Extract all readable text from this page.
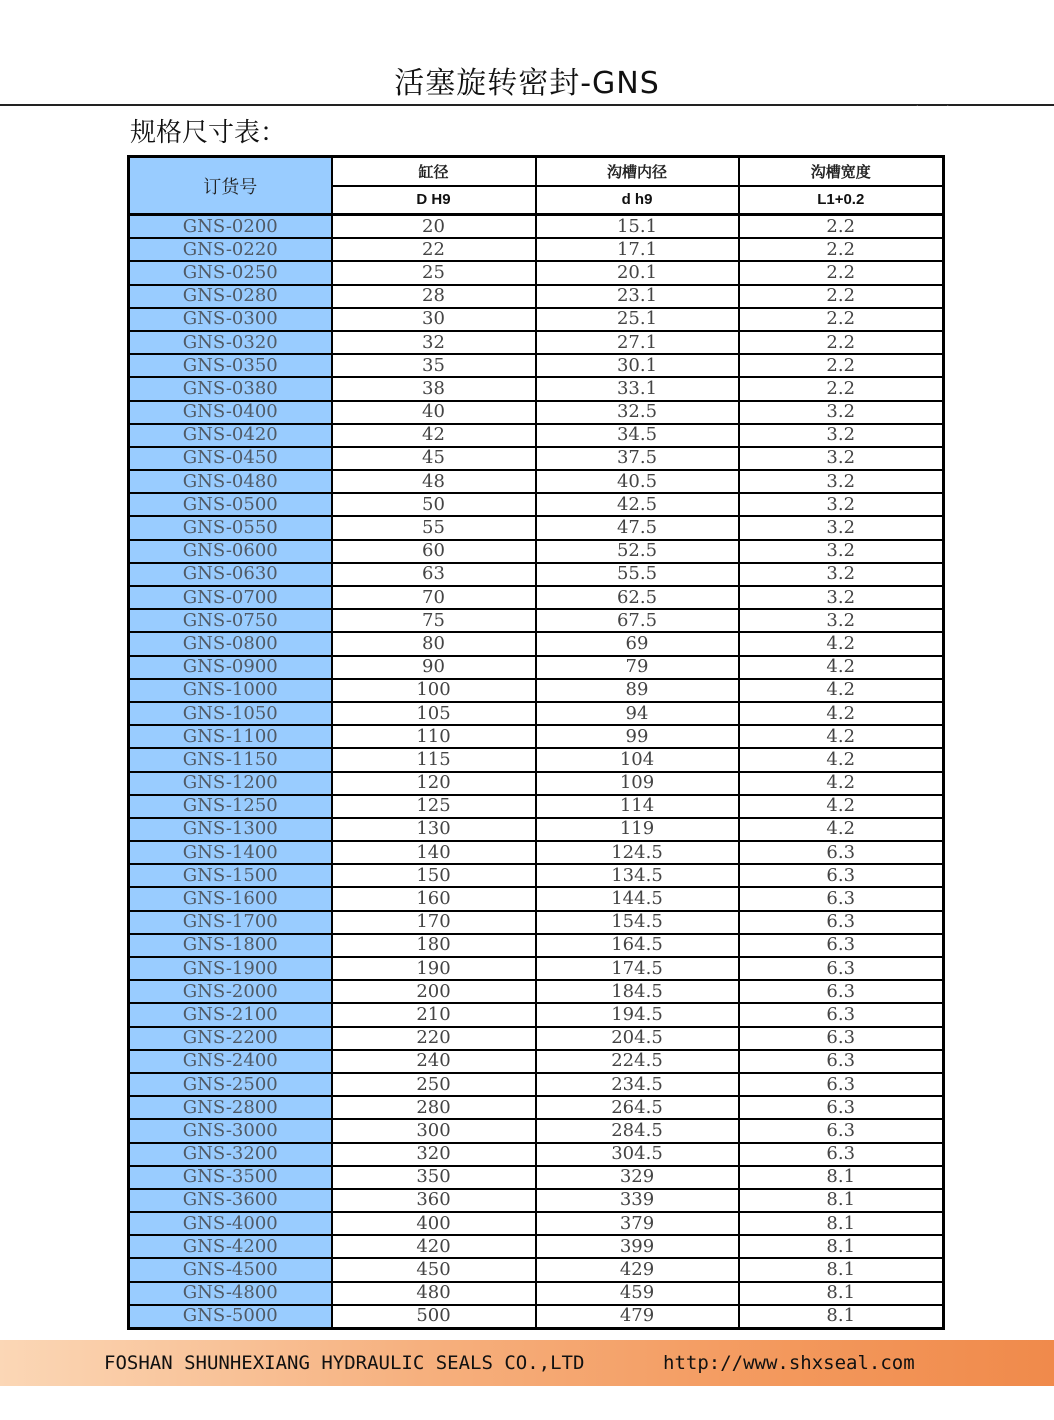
活塞旋转密封-GNS
..
规格尺寸表：
订货号	缸径	沟槽内径	沟槽宽度
	D H9	d h9	L1+0.2
GNS-0200	20	15.1	2.2
GNS-0220	22	17.1	2.2
GNS-0250	25	20.1	2.2
GNS-0280	28	23.1	2.2
GNS-0300	30	25.1	2.2
GNS-0320	32	27.1	2.2
GNS-0350	35	30.1	2.2
GNS-0380	38	33.1	2.2
GNS-0400	40	32.5	3.2
GNS-0420	42	34.5	3.2
GNS-0450	45	37.5	3.2
GNS-0480	48	40.5	3.2
GNS-0500	50	42.5	3.2
GNS-0550	55	47.5	3.2
GNS-0600	60	52.5	3.2
GNS-0630	63	55.5	3.2
GNS-0700	70	62.5	3.2
GNS-0750	75	67.5	3.2
GNS-0800	80	69	4.2
GNS-0900	90	79	4.2
GNS-1000	100	89	4.2
GNS-1050	105	94	4.2
GNS-1100	110	99	4.2
GNS-1150	115	104	4.2
GNS-1200	120	109	4.2
GNS-1250	125	114	4.2
GNS-1300	130	119	4.2
GNS-1400	140	124.5	6.3
GNS-1500	150	134.5	6.3
GNS-1600	160	144.5	6.3
GNS-1700	170	154.5	6.3
GNS-1800	180	164.5	6.3
GNS-1900	190	174.5	6.3
GNS-2000	200	184.5	6.3
GNS-2100	210	194.5	6.3
GNS-2200	220	204.5	6.3
GNS-2400	240	224.5	6.3
GNS-2500	250	234.5	6.3
GNS-2800	280	264.5	6.3
GNS-3000	300	284.5	6.3
GNS-3200	320	304.5	6.3
GNS-3500	350	329	8.1
GNS-3600	360	339	8.1
GNS-4000	400	379	8.1
GNS-4200	420	399	8.1
GNS-4500	450	429	8.1
GNS-4800	480	459	8.1
GNS-5000	500	479	8.1
FOSHAN SHUNHEXIANG HYDRAULIC SEALS CO.,LTD	http://www.shxseal.com
